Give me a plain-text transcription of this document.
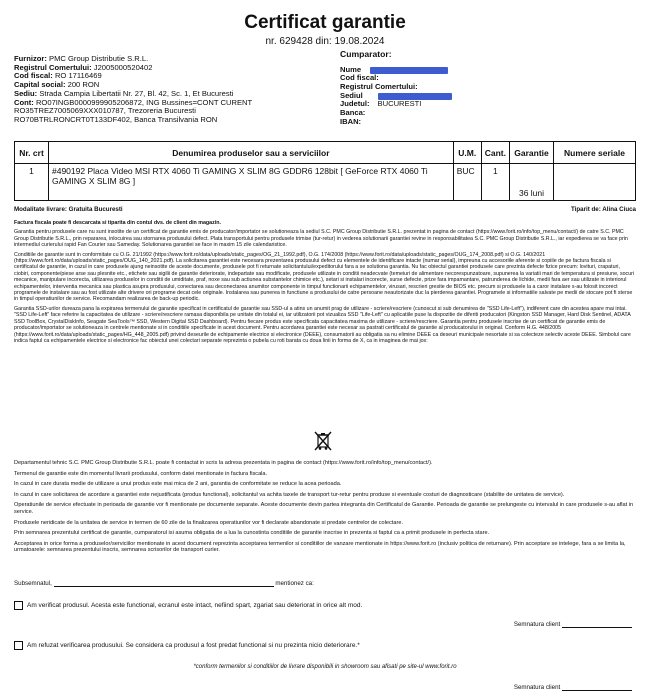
Certificat garantie
nr. 629428 din: 19.08.2024
Furnizor: PMC Group Distributie S.R.L.
Registrul Comertului: J2005000520402
Cod fiscal: RO 17116469
Capital social: 200 RON
Sediu: Strada Campia Libertatii Nr. 27, Bl. 42, Sc. 1, Et Bucuresti
Cont: RO07INGB0000999905206872, ING Bussines=CONT CURENT
RO35TREZ7005069XXX010787, Trezoreria Bucuresti
RO70BTRLRONCRT0T133DF402, Banca Transilvania RON
Cumparator:
Nume
Cod fiscal:
Registrul Comertului:
Sediul
Judetul: BUCURESTI
Banca:
IBAN:
Nr. crt	Denumirea produselor sau a serviciilor	U.M.	Cant.	Garantie	Numere seriale
1	#490192 Placa Video MSI RTX 4060 Ti GAMING X SLIM 8G GDDR6 128bit [ GeForce RTX 4060 Ti GAMING X SLIM 8G ]	BUC	1	36 luni	
Modalitate livrare: Gratuita Bucuresti	Tiparit de: Alina Ciuca

Factura fiscala poate fi descarcata si tiparita din contul dvs. de client din magazin.

Garantia pentru produsele care nu sunt insotite de un certificat de garantie emis de producator/importator se solutioneaza la sediul S.C. PMC Group Distributie S.R.L. prezentat in pagina de contact (https://www.forit.ro/info/top_menu/contact/) de catre S.C. PMC Group Distributie S.R.L., prin repararea, inlocuirea sau stornarea produsului defect. Plata transportului pentru produsele trimise (tur-retur) in vederea solutionarii garantiei revine in responsabilitatea S.C. PMC Group Distributie S.R.L., iar expedierea se va face prin intermediul curierului rapid Fan Courier sau Sameday. Solutionarea garantiei se face in maxim 15 zile calendaristice.

Conditiile de garantie sunt in conformitate cu O.G. 21/1992 (https://www.forit.ro/data/uploads/static_pages/OG_21_1992.pdf), O.G. 174/2008 (https://www.forit.ro/data/uploads/static_pages/OUG_174_2008.pdf) si O.G. 140/2021 (https://www.forit.ro/data/uploads/static_pages/OUG_140_2021.pdf). La solicitarea garantiei este necesara prezentarea produsului defect cu elementele de identificare intacte (numar serial), impreuna cu accesoriile aferente si copiile de pe factura fiscala si certificatul de garantie, in cazul in care produsele ajung neinsotite de aceste documente, produsele pot fi returnate solicitantului/expeditorului fara a se solutiona garantia. Nu fac obiectul garantiei produsele care prezinta defecte fizice precum: lovituri, crapaturi, ciobiri, componente/piese arse sau plesnite etc., etichete sau sigilii de garantie deteriorate, indepartate sau modificate, produsele utilizate in conditii neadecvate (temeiuri de alimentare necorespunzatoare, supunerea la variatii mari de temperatura si presiune, socuri mecanice, manipulare incorecta, utilizarea produselor in conditii de umiditate, praf, noxe sau sub actiunea substantelor chimice etc.), setari si instalari incorecte, surse defecte, prize fara impamantare, patrunderea de lichide, medii fara aer sau utilizate in interiorul echipamentelor, interventia mecanica sau plastica asupra produsului, conectarea sau deconectarea anumitor componente in timpul functionarii echipamentelor, virusari, rescrieri gresite de BIOS etc. precum si produsele la a caror instalare s-au folosit incorect programele de instalare sau au fost utilizate alte drivere ori programe decat cele originale. Instalarea sau punerea in functiune a produsului de catre persoane neautorizate duc la pierderea garantiei. Programele si informatiile salvate pe medii de stocare pot fi sterse in timpul operatiunilor de service. Recomandam realizarea de back-up periodic.

Garantia SSD-urilor dureaza pana la expirarea termenului de garantie specificat in certificatul de garantie sau SSD-ul a atins un anumit prag de utilizare - scriere/rescriere (cunoscut si sub denumirea de "SSD Life-Left"), indiferent care din acestea apare mai intai. "SSD Life-Left" face referire la capacitatea de utilizare - scriere/rescriere ramasa disponibila pe unitate din totalul ei, iar utilizatorii pot vizualiza SSD "Life-Left" cu aplicatiile puse la dispozitie de diferiti producatori (Kingston SSD Manager, Hard Disk Sentinel, ADATA SSD ToolBox, CrystalDiskInfo, Seagate SeaTools™ SSD, Western Digital SSD Dashboard). Pentru fiecare produs este specificata capacitatea maxima de utilizare - scriere/rescriere. Garantia pentru produsele inscrise de un certificat de garantie emis de producator/importator se solutioneaza in centrele mentionate si in conditiile specificate in acest document. Pentru acordarea garantiei este necesar sa pastrati certificatul de garantie al producatorului in original. Conform H.G. 448/2005 (https://www.forit.ro/data/uploads/static_pages/HG_448_2005.pdf) privind deseurile de echipamente electrice si electronice (DEEE), consumatorii au obligatia sa nu elimine DEEE ca deseuri municipale nesortate si sa colecteze selectiv aceste DEEE. Simbolul care indica faptul ca echipamentele electrice si electronice fac obiectul unei colectari separate reprezinta o pubela cu roti barata cu doua linii in forma de X, ca in imaginea de mai jos:

Departamentul tehnic S.C. PMC Group Distributie S.R.L. poate fi contactat in scris la adresa prezentata in pagina de contact (https://www.forit.ro/info/top_menu/contact/).

Termenul de garantie este din momentul livrarii produsului, conform datei mentionate in factura fiscala.

In cazul in care durata medie de utilizare a unui produs este mai mica de 2 ani, garantia de conformitate se reduce la acea perioada.

In cazul in care solicitarea de acordare a garantiei este nejustificata (produs functional), solicitantul va achita taxele de transport tur-retur pentru produse si eventuale costuri de diagnosticare (stabilite de unitatea de service).

Operatiunile de service efectuate in perioada de garantie vor fi mentionate pe documente separate. Aceste documente devin partea integranta din Certificatul de Garantie. Perioada de garantie se prelungeste cu intervalul in care produsele s-au aflat in service.

Produsele neridicate de la unitatea de service in termen de 60 zile de la finalizarea operatiunilor vor fi declarate abandonate si predate centrelor de colectare.

Prin semnarea prezentului certificat de garantie, cumparatorul isi asuma obligatia de a lua la cunostinta conditiile de garantie inscrise in prezenta si faptul ca a primit produsele in perfecta stare.

Acceptarea in orice forma a produselor/serviciilor mentionate in acest document reprezinta acceptarea termenilor si conditiilor de vanzare mentionate in https://www.forit.ro (inclusiv politica de returnare). Prin acceptare se intelege, fara a se limita la, urmatoarele: semnarea prezentului inscris, semnarea scrisorilor de transport curier.

Subsemnatul,	mentionez ca:
Am verificat produsul. Acesta este functional, ecranul este intact, nefiind spart, zgariat sau deteriorat in orice alt mod.
Semnatura client
Am refuzat verificarea produsului. Se considera ca produsul a fost predat functional si nu prezinta nicio deteriorare.*
*conform termenilor si conditiilor de livrare disponibili in showroom sau afisati pe site-ul www.forit.ro
Semnatura client
